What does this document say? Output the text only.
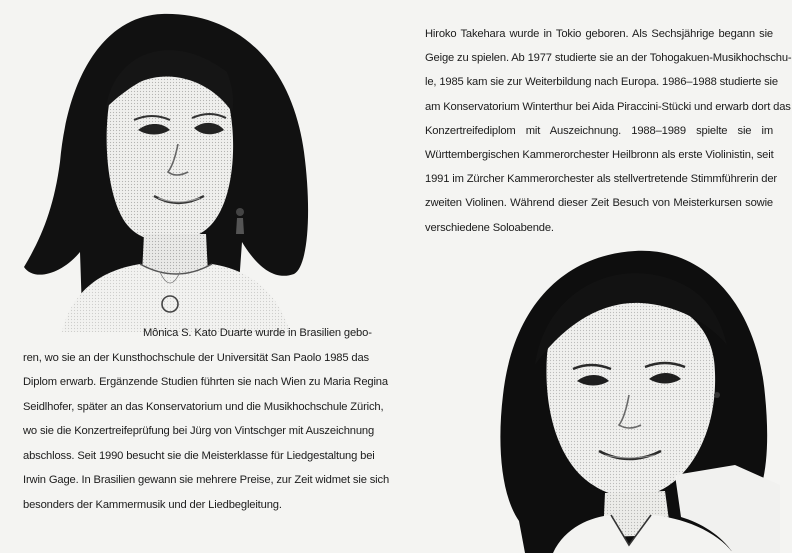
Hiroko Takehara wurde in Tokio geboren. Als Sechsjährige begann sie
Geige zu spielen. Ab 1977 studierte sie an der Tohogakuen-Musikhochschu-
le, 1985 kam sie zur Weiterbildung nach Europa. 1986–1988 studierte sie
am Konservatorium Winterthur bei Aida Piraccini-Stücki und erwarb dort das
Konzertreifediplom mit Auszeichnung. 1988–1989 spielte sie im
Württembergischen Kammerorchester Heilbronn als erste Violinistin, seit
1991 im Zürcher Kammerorchester als stellvertretende Stimmführerin der
zweiten Violinen. Während dieser Zeit Besuch von Meisterkursen sowie
verschiedene Soloabende.
Mônica S. Kato Duarte wurde in Brasilien gebo-
ren, wo sie an der Kunsthochschule der Universität San Paolo 1985 das
Diplom erwarb. Ergänzende Studien führten sie nach Wien zu Maria Regina
Seidlhofer, später an das Konservatorium und die Musikhochschule Zürich,
wo sie die Konzertreifeprüfung bei Jürg von Vintschger mit Auszeichnung
abschloss. Seit 1990 besucht sie die Meisterklasse für Liedgestaltung bei
Irwin Gage. In Brasilien gewann sie mehrere Preise, zur Zeit widmet sie sich
besonders der Kammermusik und der Liedbegleitung.
